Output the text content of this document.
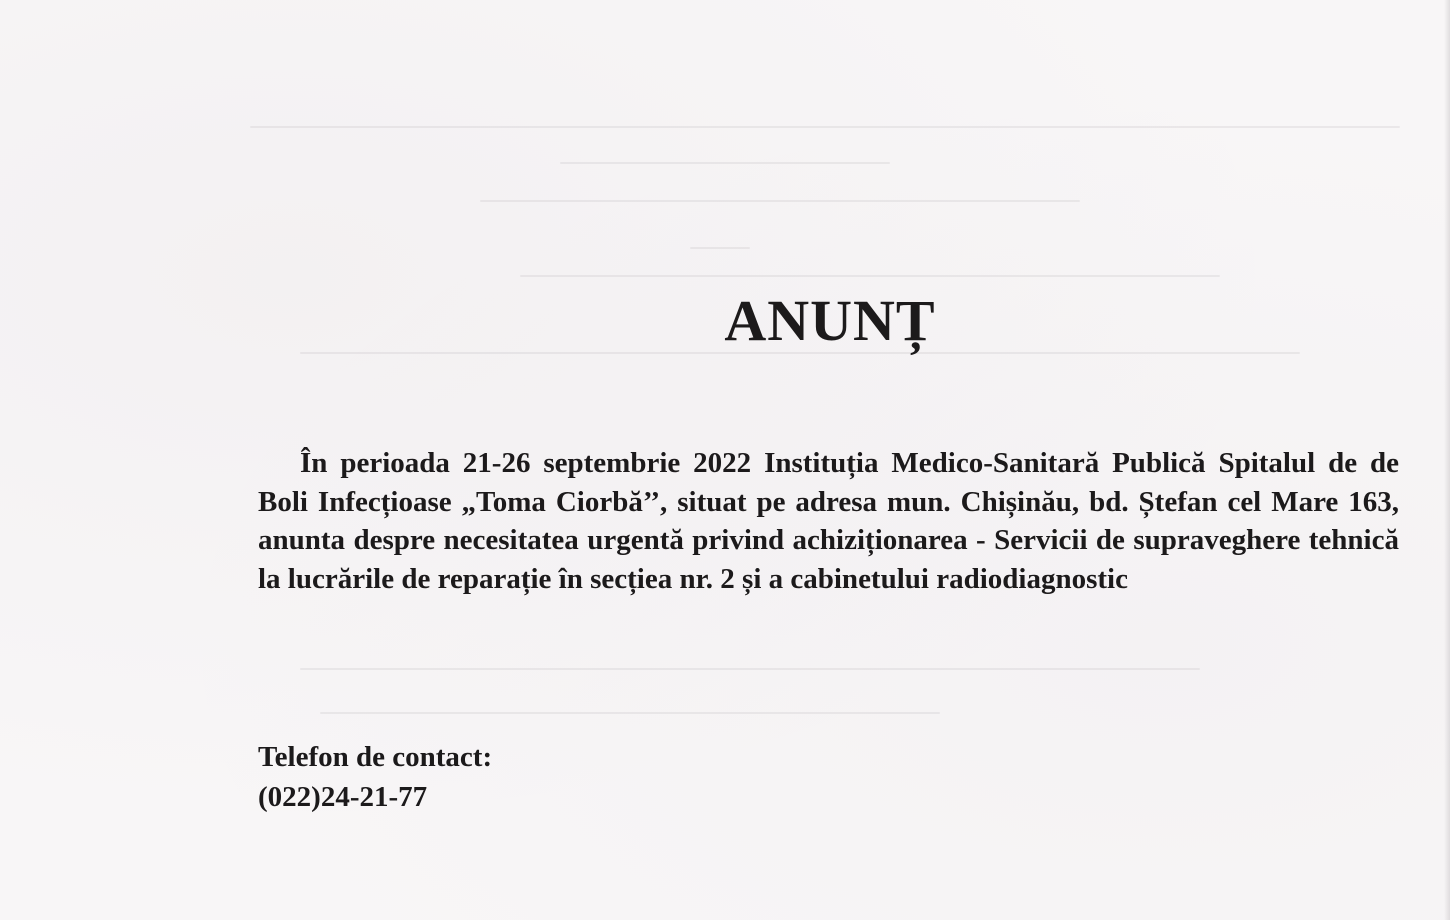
ANUNȚ

În perioada 21-26 septembrie 2022 Instituția Medico-Sanitară Publică Spitalul de de Boli Infecțioase „Toma Ciorbă’’, situat pe adresa mun. Chișinău, bd. Ștefan cel Mare 163, anunta despre necesitatea urgentă privind achiziționarea - Servicii de supraveghere tehnică la lucrările de reparație în secțiea nr. 2 și a cabinetului radiodiagnostic

Telefon de contact:
(022)24-21-77
